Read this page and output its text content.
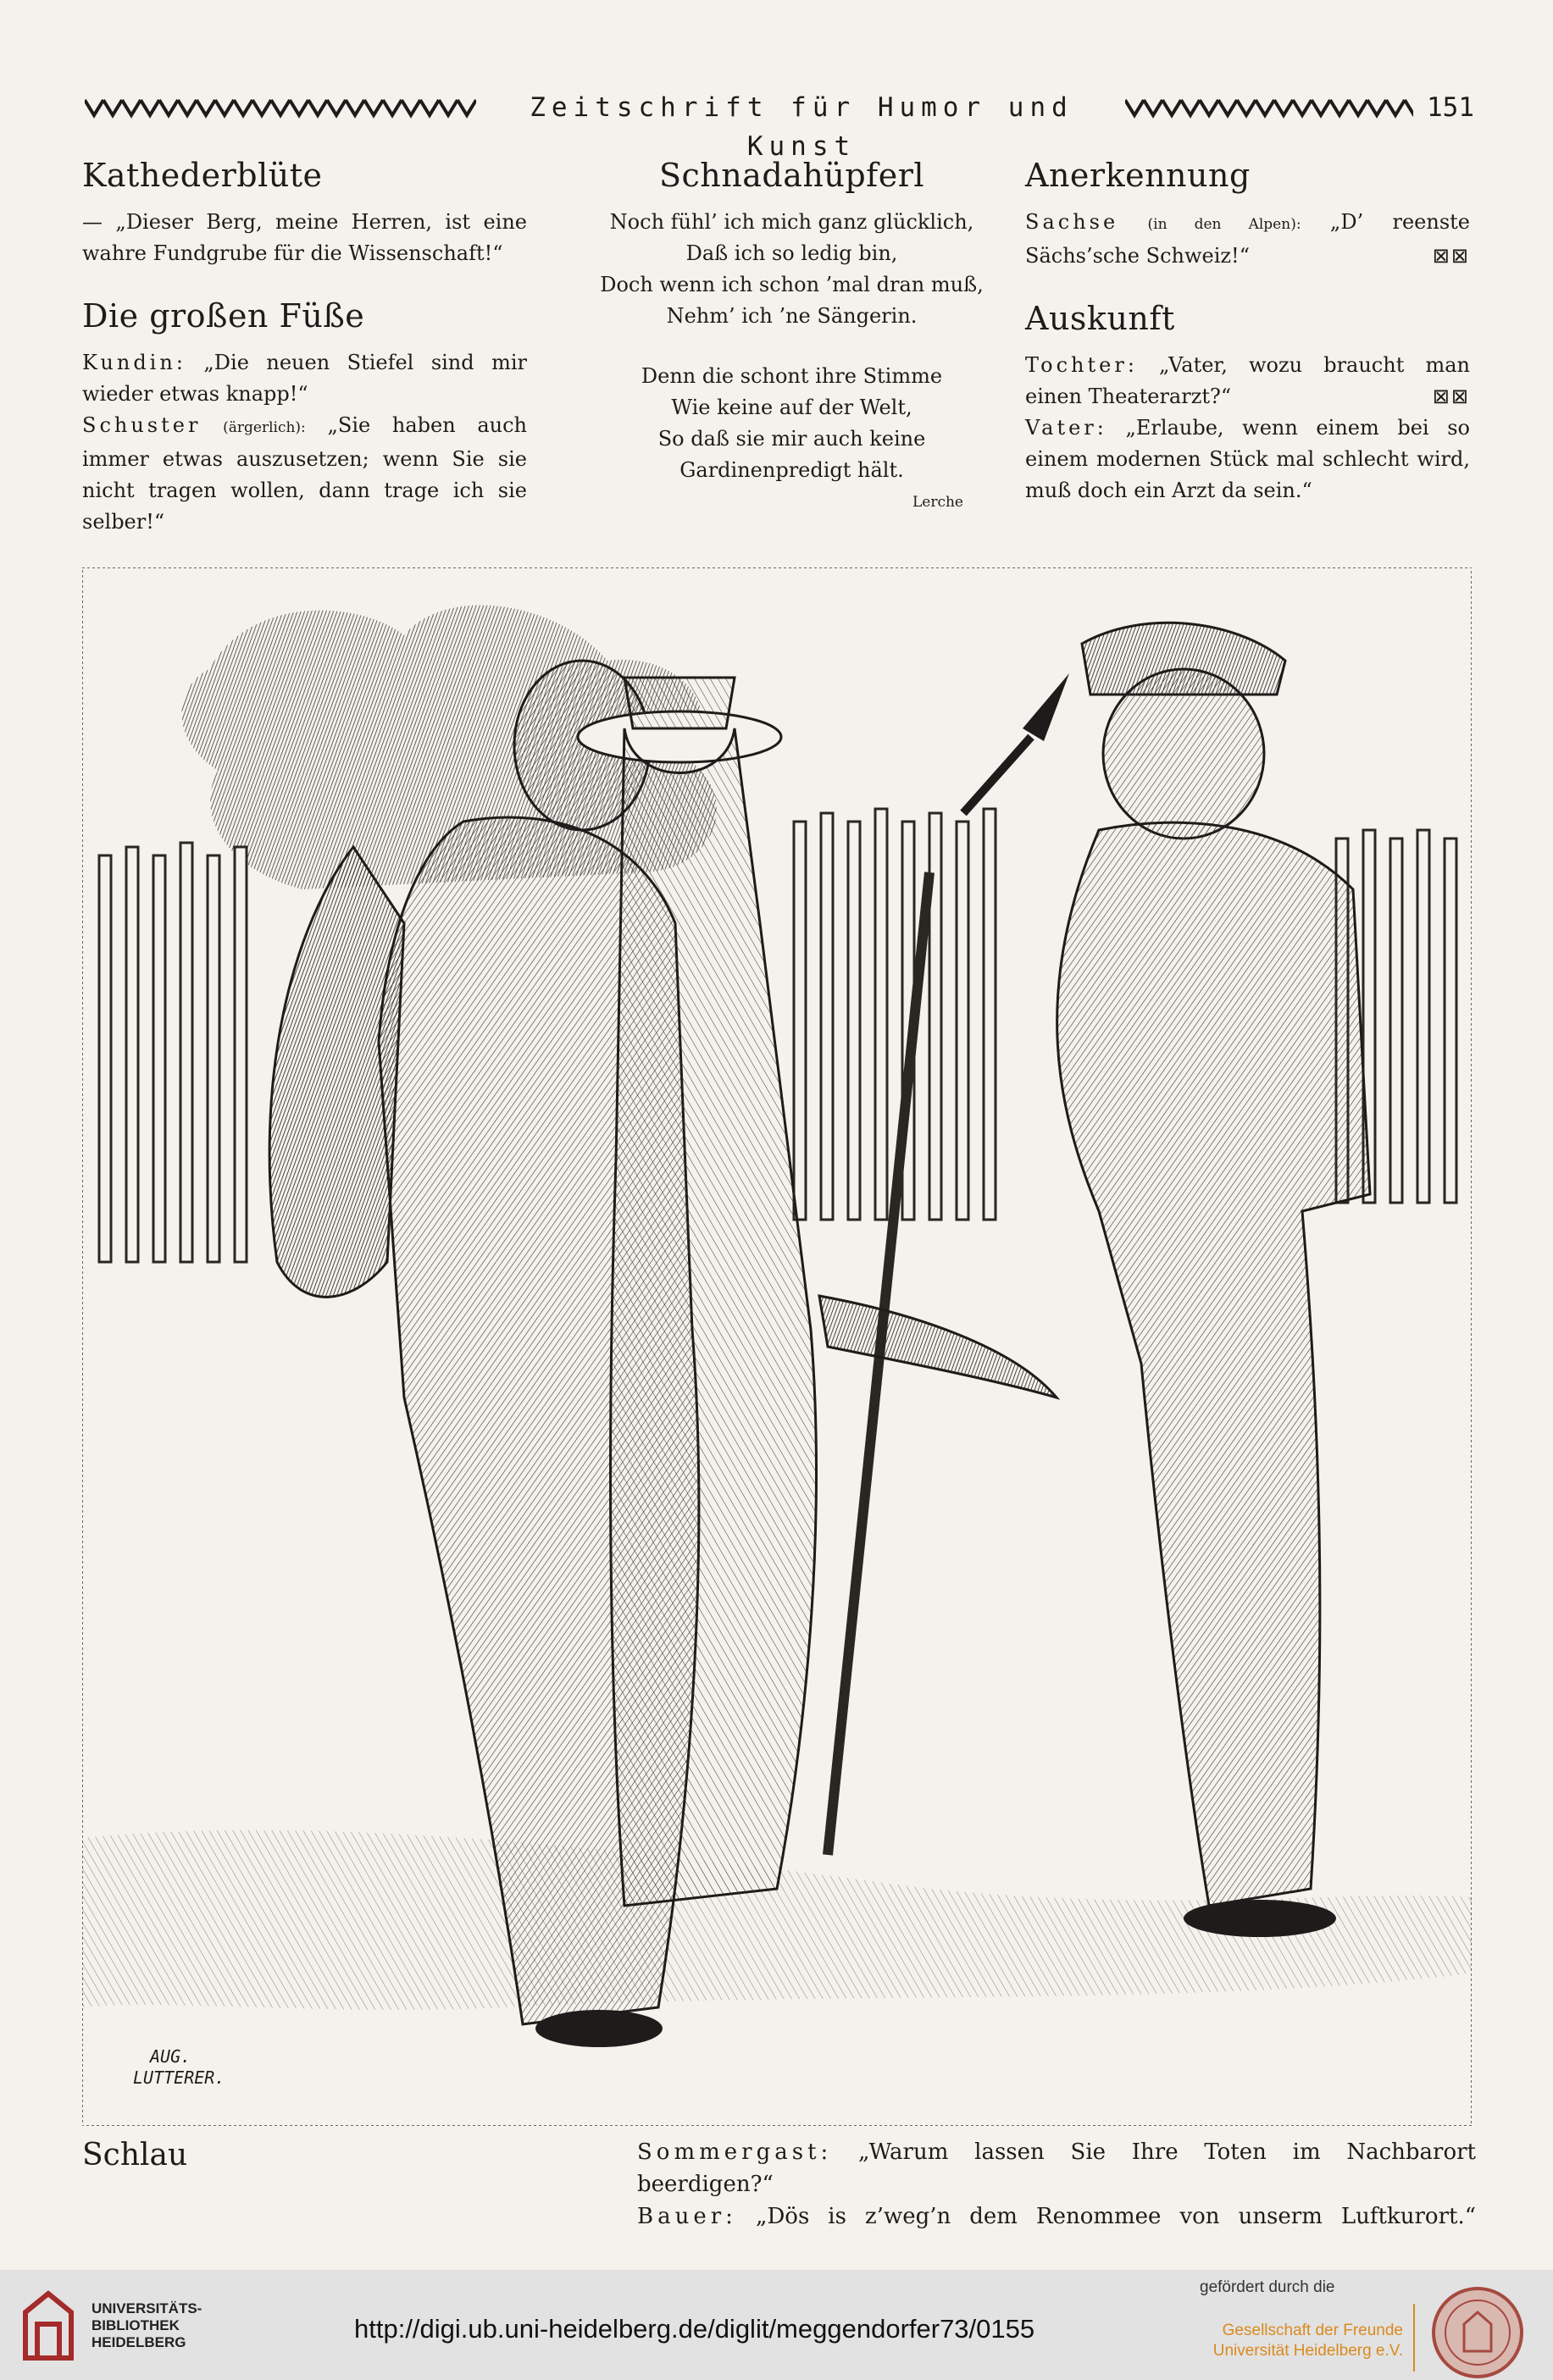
Zeitschrift für Humor und Kunst
151
Kathederblüte

— „Dieser Berg, meine Herren, ist eine wahre Fundgrube für die Wissenschaft!“

Die großen Füße

Kundin: „Die neuen Stiefel sind mir wieder etwas knapp!“

Schuster (ärgerlich): „Sie haben auch immer etwas auszusetzen; wenn Sie sie nicht tragen wollen, dann trage ich sie selber!“

Schnadahüpferl

Noch fühl’ ich mich ganz glücklich,

Daß ich so ledig bin,

Doch wenn ich schon ’mal dran muß,

Nehm’ ich ’ne Sängerin.

Denn die schont ihre Stimme

Wie keine auf der Welt,

So daß sie mir auch keine

Gardinenpredigt hält.

Lerche
Anerkennung

Sachse (in den Alpen): „D’ reenste Sächs’sche Schweiz!“	⊠⊠

Auskunft

Tochter: „Vater, wozu braucht man einen Theaterarzt?“	⊠⊠

Vater: „Erlaube, wenn einem bei so einem modernen Stück mal schlecht wird, muß doch ein Arzt da sein.“

AUG.
LUTTERER.
Schlau	Sommergast: „Warum lassen Sie Ihre Toten im Nachbarort beerdigen?“

Bauer: „Dös is z’weg’n dem Renommee von unserm Luftkurort.“

UNIVERSITÄTS-
BIBLIOTHEK
HEIDELBERG	http://digi.ub.uni-heidelberg.de/diglit/meggendorfer73/0155
gefördert durch die
Gesellschaft der Freunde
Universität Heidelberg e.V.
